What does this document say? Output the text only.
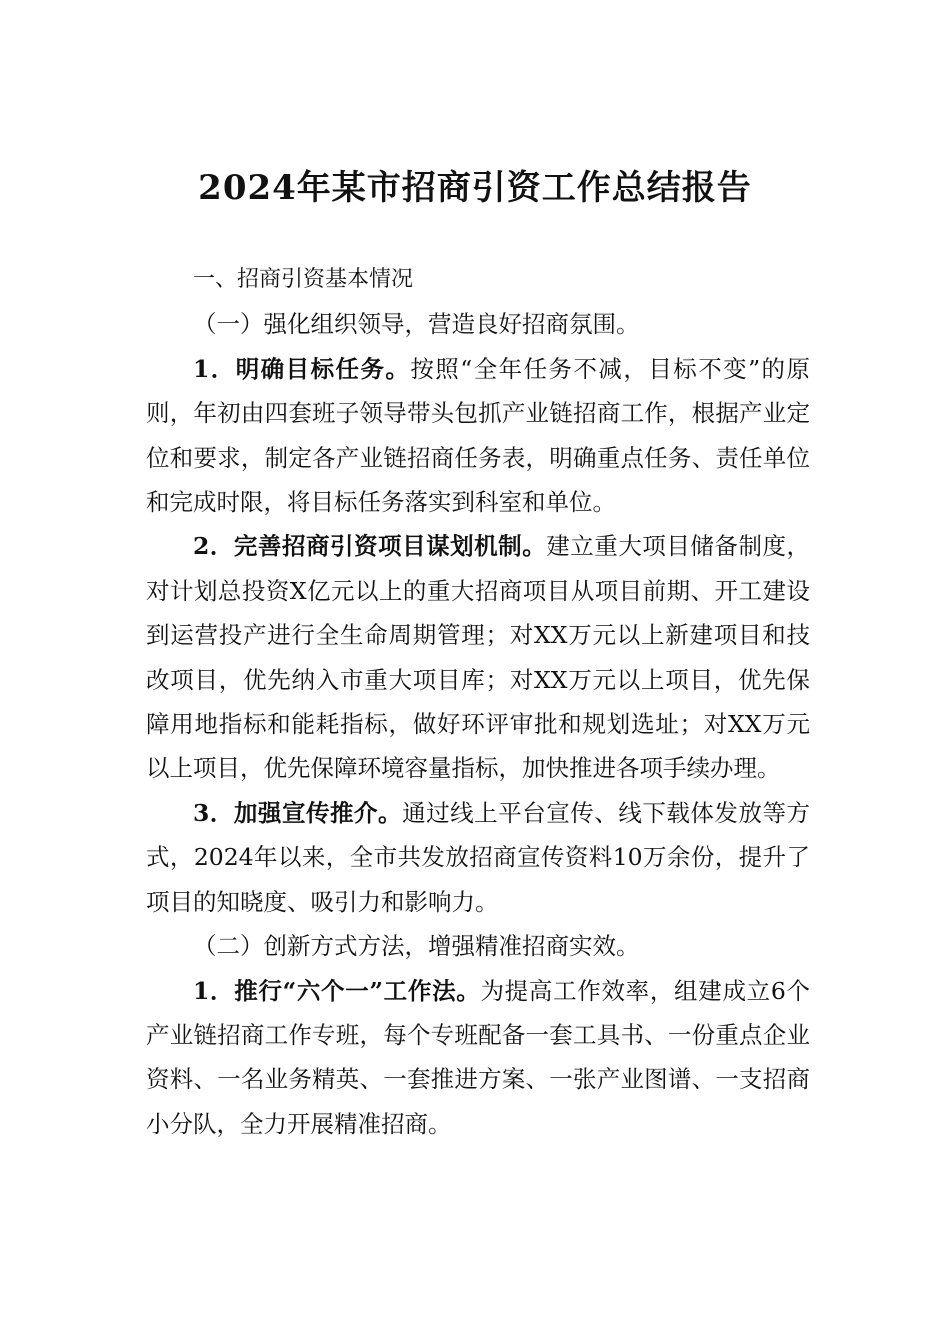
2024年某市招商引资工作总结报告

一、招商引资基本情况

（一）强化组织领导，营造良好招商氛围。

1．明确目标任务。按照“全年任务不减，目标不变”的原则，年初由四套班子领导带头包抓产业链招商工作，根据产业定位和要求，制定各产业链招商任务表，明确重点任务、责任单位和完成时限，将目标任务落实到科室和单位。

2．完善招商引资项目谋划机制。建立重大项目储备制度，对计划总投资X亿元以上的重大招商项目从项目前期、开工建设到运营投产进行全生命周期管理；对XX万元以上新建项目和技改项目，优先纳入市重大项目库；对XX万元以上项目，优先保障用地指标和能耗指标，做好环评审批和规划选址；对XX万元以上项目，优先保障环境容量指标，加快推进各项手续办理。

3．加强宣传推介。通过线上平台宣传、线下载体发放等方式，2024年以来，全市共发放招商宣传资料10万余份，提升了项目的知晓度、吸引力和影响力。

（二）创新方式方法，增强精准招商实效。

1．推行“六个一”工作法。为提高工作效率，组建成立6个产业链招商工作专班，每个专班配备一套工具书、一份重点企业资料、一名业务精英、一套推进方案、一张产业图谱、一支招商小分队，全力开展精准招商。
